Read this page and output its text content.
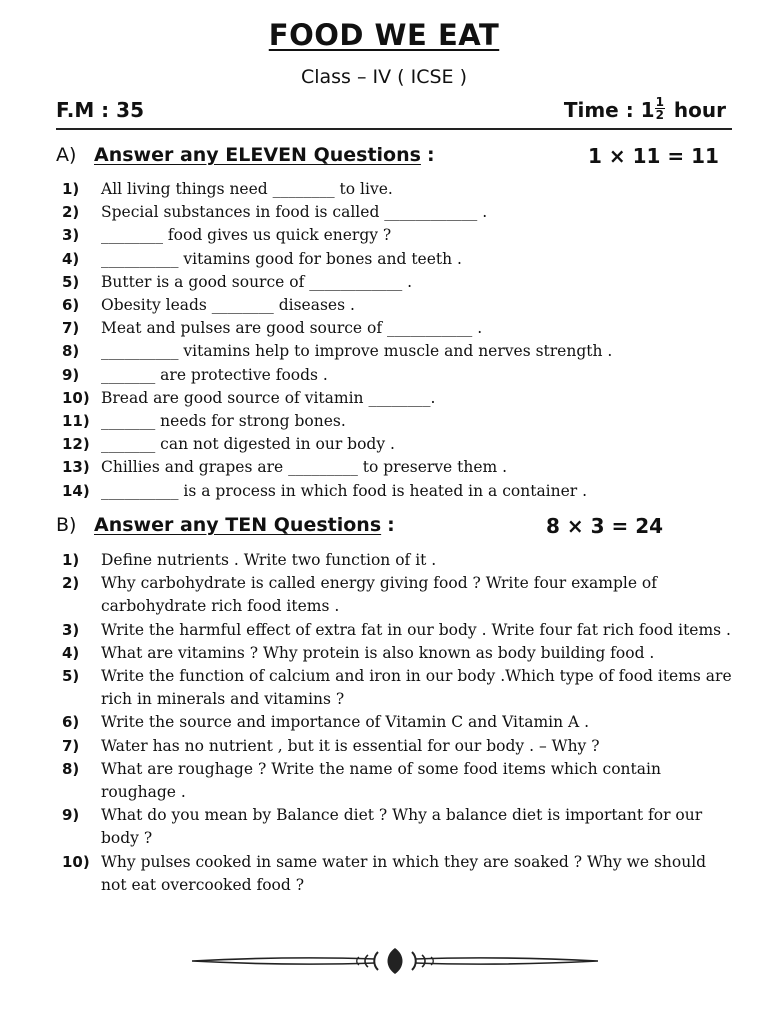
FOOD WE EAT
Class – IV ( ICSE )
F.M : 35	Time : $1 \frac{1}{2}$ hour
A) Answer any ELEVEN Questions :	1 × 11 = 11
1)	All living things need ________ to live.
2)	Special substances in food is called ____________ .
3)	________ food gives us quick energy ?
4)	__________ vitamins good for bones and teeth .
5)	Butter is a good source of ____________ .
6)	Obesity leads ________ diseases .
7)	Meat and pulses are good source of ___________ .
8)	__________ vitamins help to improve muscle and nerves strength .
9)	_______ are protective foods .
10) Bread are good source of vitamin ________.
11) _______ needs for strong bones.
12) _______ can not digested in our body .
13) Chillies and grapes are _________ to preserve them .
14) __________ is a process in which food is heated in a container .
B) Answer any TEN Questions :	8 × 3 = 24
1)	Define nutrients . Write two function of it .
2)	Why carbohydrate is called energy giving food ? Write four example of carbohydrate rich food items .
3)	Write the harmful effect of extra fat in our body . Write four fat rich food items .
4)	What are vitamins ? Why protein is also known as body building food .
5)	Write the function of calcium and iron in our body .Which type of food items are rich in minerals and vitamins ?
6)	Write the source and importance of Vitamin C and Vitamin A .
7)	Water has no nutrient , but it is essential for our body . – Why ?
8)	What are roughage ? Write the name of some food items which contain roughage .
9)	What do you mean by Balance diet ? Why a balance diet is important for our body ?
10) Why pulses cooked in same water in which they are soaked ? Why we should not eat overcooked food ?
